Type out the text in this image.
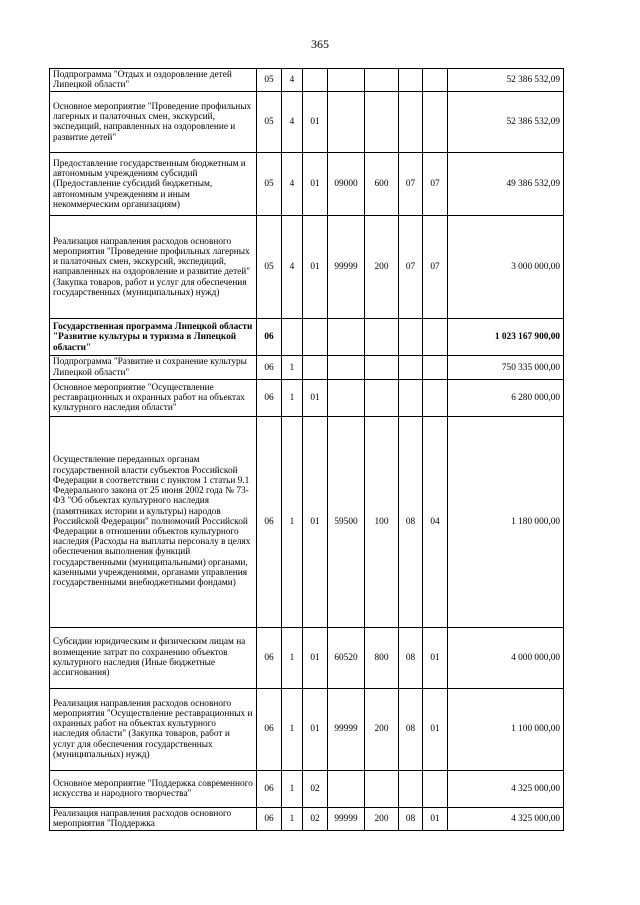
365
Подпрограмма "Отдых и оздоровление детей Липецкой области"	05	4						52 386 532,09
Основное мероприятие "Проведение профильных лагерных и палаточных смен, экскурсий, экспедиций, направленных на оздоровление и развитие детей"	05	4	01					52 386 532,09
Предоставление государственным бюджетным и автономным учреждениям субсидий (Предоставление субсидий бюджетным, автономным учреждениям и иным некоммерческим организациям)	05	4	01	09000	600	07	07	49 386 532,09
Реализация направления расходов основного мероприятия "Проведение профильных лагерных и палаточных смен, экскурсий, экспедиций, направленных на оздоровление и развитие детей" (Закупка товаров, работ и услуг для обеспечения государственных (муниципальных) нужд)	05	4	01	99999	200	07	07	3 000 000,00
Государственная программа Липецкой области "Развитие культуры и туризма в Липецкой области"	06							1 023 167 900,00
Подпрограмма "Развитие и сохранение культуры Липецкой области"	06	1						750 335 000,00
Основное мероприятие "Осуществление реставрационных и охранных работ на объектах культурного наследия области"	06	1	01					6 280 000,00
Осуществление переданных органам государственной власти субъектов Российской Федерации в соответствии с пунктом 1 статьи 9.1 Федерального закона от 25 июня 2002 года № 73-ФЗ "Об объектах культурного наследия (памятниках истории и культуры) народов Российской Федерации" полномочий Российской Федерации в отношении объектов культурного наследия (Расходы на выплаты персоналу в целях обеспечения выполнения функций государственными (муниципальными) органами, казенными учреждениями, органами управления государственными внебюджетными фондами)	06	1	01	59500	100	08	04	1 180 000,00
Субсидии юридическим и физическим лицам на возмещение затрат по сохранению объектов культурного наследия (Иные бюджетные ассигнования)	06	1	01	60520	800	08	01	4 000 000,00
Реализация направления расходов основного мероприятия "Осуществление реставрационных и охранных работ на объектах культурного наследия области" (Закупка товаров, работ и услуг для обеспечения государственных (муниципальных) нужд)	06	1	01	99999	200	08	01	1 100 000,00
Основное мероприятие "Поддержка современного искусства и народного творчества"	06	1	02					4 325 000,00
Реализация направления расходов основного мероприятия "Поддержка	06	1	02	99999	200	08	01	4 325 000,00
